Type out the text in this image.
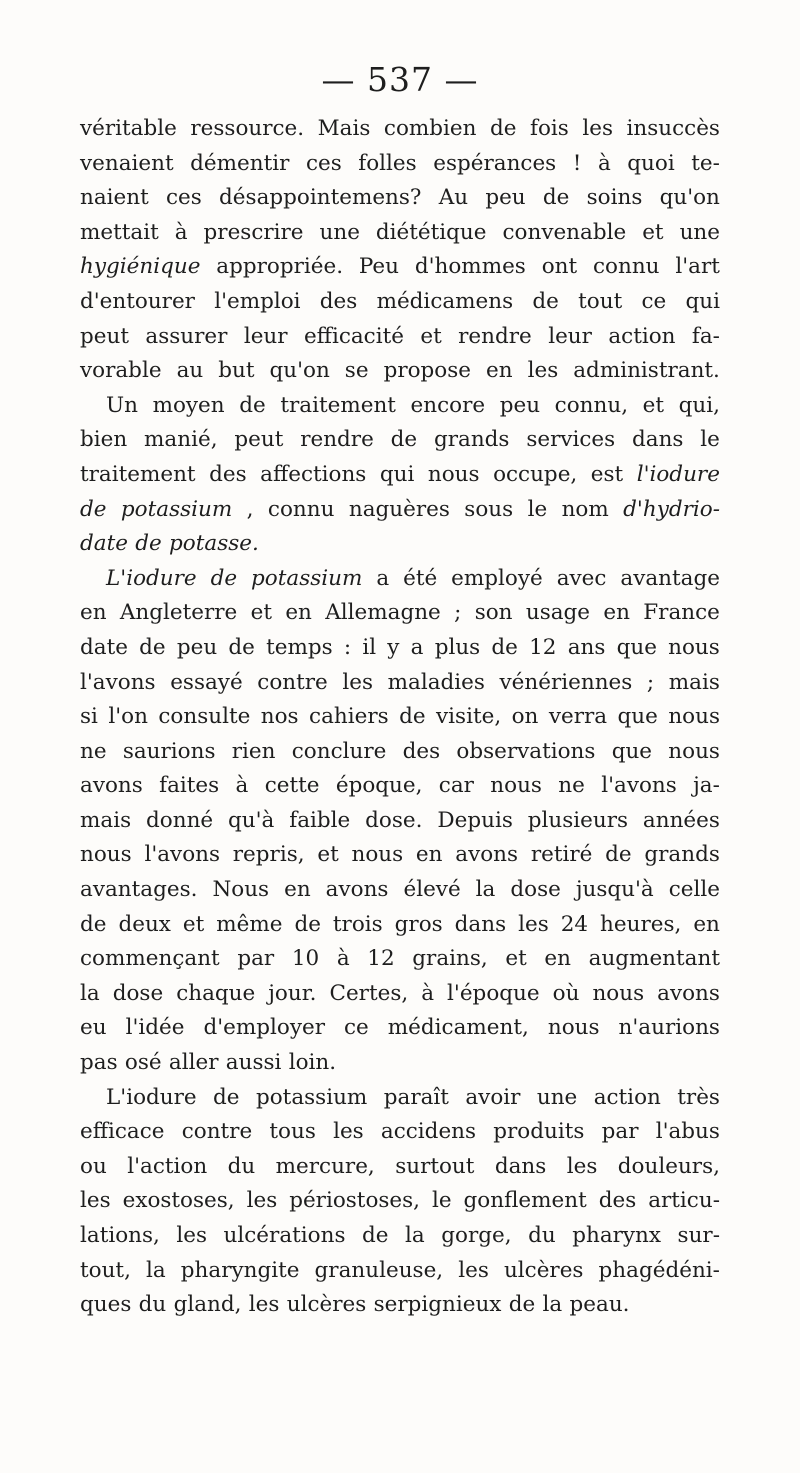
— 537 —
véritable ressource. Mais combien de fois les insuccès
venaient démentir ces folles espérances ! à quoi te-
naient ces désappointemens? Au peu de soins qu'on
mettait à prescrire une diététique convenable et une
hygiénique appropriée. Peu d'hommes ont connu l'art
d'entourer l'emploi des médicamens de tout ce qui
peut assurer leur efficacité et rendre leur action fa-
vorable au but qu'on se propose en les administrant.
Un moyen de traitement encore peu connu, et qui,
bien manié, peut rendre de grands services dans le
traitement des affections qui nous occupe, est l'iodure
de potassium , connu naguères sous le nom d'hydrio-
date de potasse.
L'iodure de potassium a été employé avec avantage
en Angleterre et en Allemagne ; son usage en France
date de peu de temps : il y a plus de 12 ans que nous
l'avons essayé contre les maladies vénériennes ; mais
si l'on consulte nos cahiers de visite, on verra que nous
ne saurions rien conclure des observations que nous
avons faites à cette époque, car nous ne l'avons ja-
mais donné qu'à faible dose. Depuis plusieurs années
nous l'avons repris, et nous en avons retiré de grands
avantages. Nous en avons élevé la dose jusqu'à celle
de deux et même de trois gros dans les 24 heures, en
commençant par 10 à 12 grains, et en augmentant
la dose chaque jour. Certes, à l'époque où nous avons
eu l'idée d'employer ce médicament, nous n'aurions
pas osé aller aussi loin.
L'iodure de potassium paraît avoir une action très
efficace contre tous les accidens produits par l'abus
ou l'action du mercure, surtout dans les douleurs,
les exostoses, les périostoses, le gonflement des articu-
lations, les ulcérations de la gorge, du pharynx sur-
tout, la pharyngite granuleuse, les ulcères phagédéni-
ques du gland, les ulcères serpignieux de la peau.
